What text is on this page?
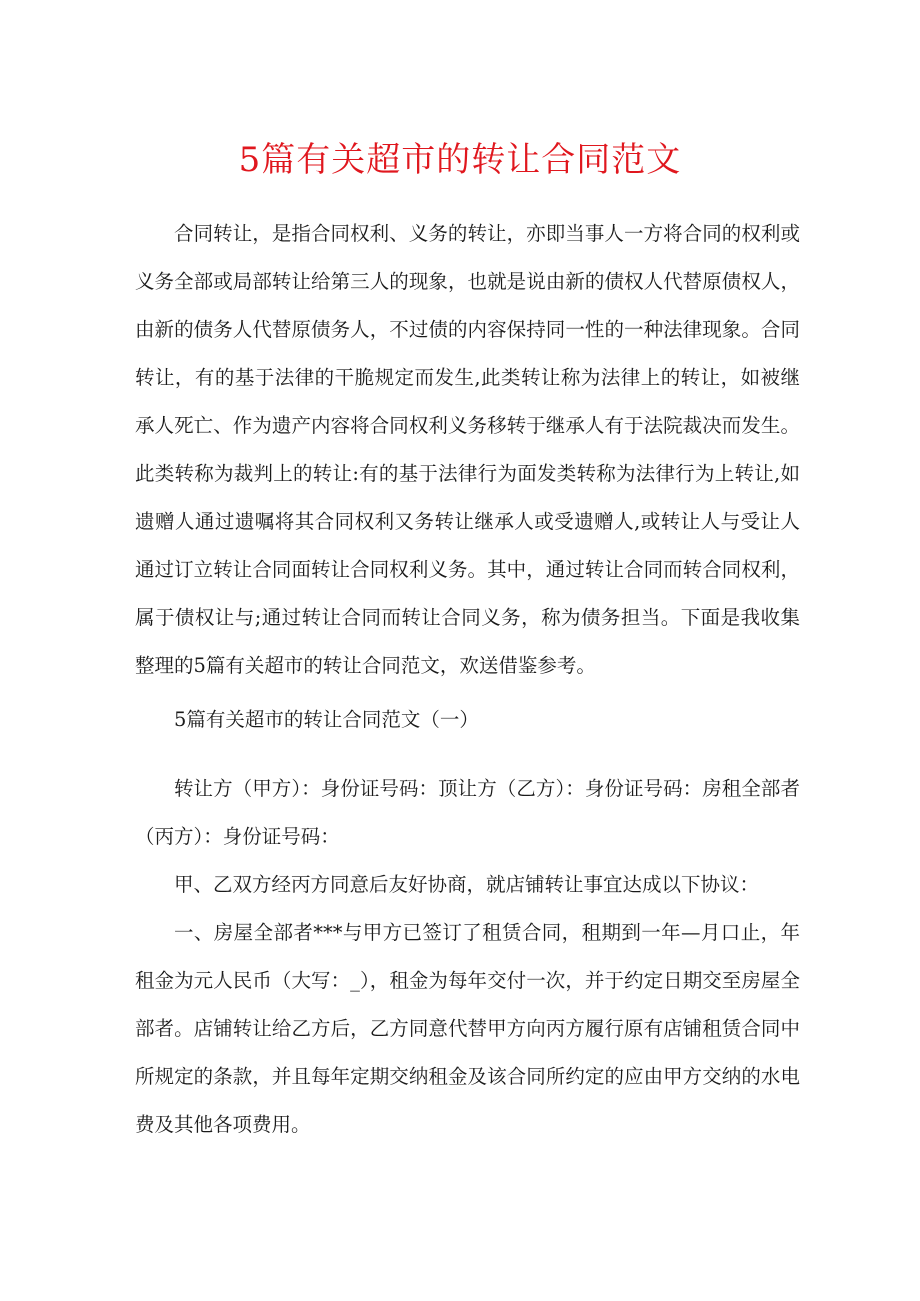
5篇有关超市的转让合同范文

合同转让，是指合同权利、义务的转让，亦即当事人一方将合同的权利或义务全部或局部转让给第三人的现象，也就是说由新的债权人代替原债权人，由新的债务人代替原债务人，不过债的内容保持同一性的一种法律现象。合同转让，有的基于法律的干脆规定而发生,此类转让称为法律上的转让，如被继承人死亡、作为遗产内容将合同权利义务移转于继承人有于法院裁决而发生。此类转称为裁判上的转让:有的基于法律行为面发类转称为法律行为上转让,如遗赠人通过遗嘱将其合同权利又务转让继承人或受遗赠人,或转让人与受让人通过订立转让合同面转让合同权利义务。其中，通过转让合同而转合同权利，属于债权让与;通过转让合同而转让合同义务，称为债务担当。下面是我收集整理的5篇有关超市的转让合同范文，欢送借鉴参考。

5篇有关超市的转让合同范文（一）

转让方（甲方）：身份证号码：顶让方（乙方）：身份证号码：房租全部者（丙方）：身份证号码：

甲、乙双方经丙方同意后友好协商，就店铺转让事宜达成以下协议：

一、房屋全部者***与甲方已签订了租赁合同，租期到一年—月口止，年租金为元人民币（大写：_），租金为每年交付一次，并于约定日期交至房屋全部者。店铺转让给乙方后，乙方同意代替甲方向丙方履行原有店铺租赁合同中所规定的条款，并且每年定期交纳租金及该合同所约定的应由甲方交纳的水电费及其他各项费用。
